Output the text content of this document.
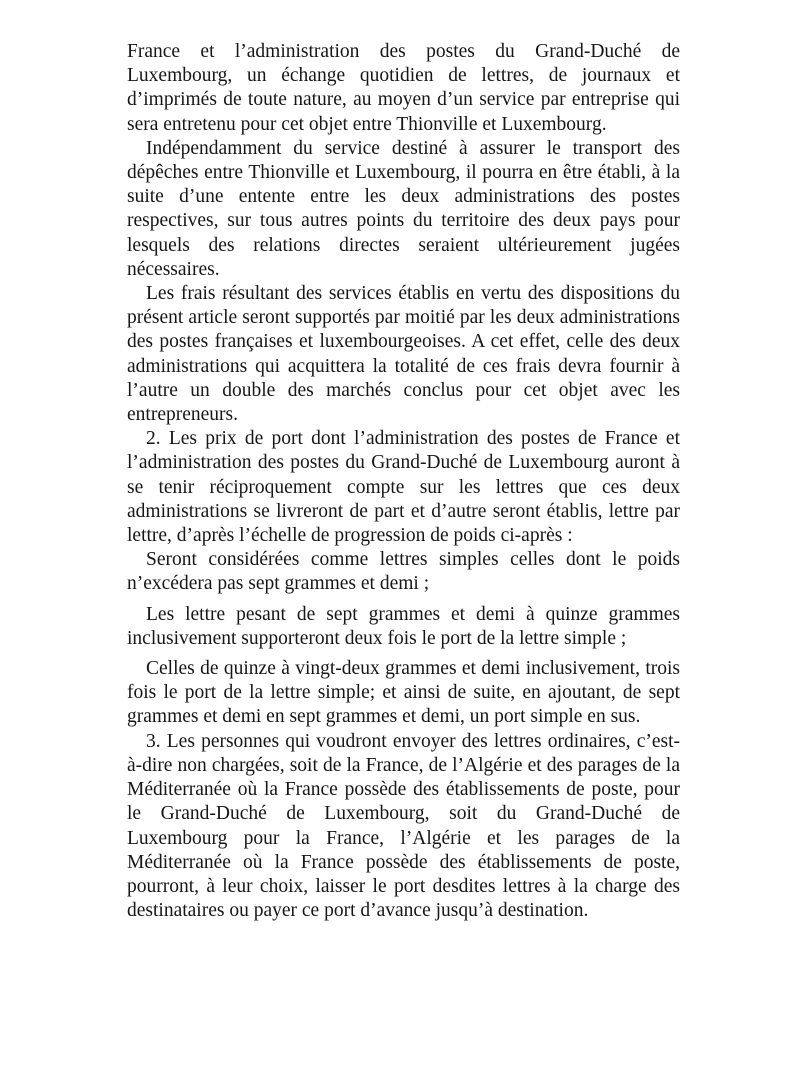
France et l’administration des postes du Grand-Duché de Luxembourg, un échange quotidien de lettres, de journaux et d’imprimés de toute nature, au moyen d’un service par entreprise qui sera entretenu pour cet objet entre Thionville et Luxembourg.

Indépendamment du service destiné à assurer le transport des dépêches entre Thionville et Luxembourg, il pourra en être établi, à la suite d’une entente entre les deux administrations des postes respectives, sur tous autres points du territoire des deux pays pour lesquels des relations directes seraient ultérieurement jugées nécessaires.

Les frais résultant des services établis en vertu des dispositions du présent article seront supportés par moitié par les deux administrations des postes françaises et luxembourgeoises. A cet effet, celle des deux administrations qui acquittera la totalité de ces frais devra fournir à l’autre un double des marchés conclus pour cet objet avec les entrepreneurs.

2. Les prix de port dont l’administration des postes de France et l’administration des postes du Grand-Duché de Luxembourg auront à se tenir réciproquement compte sur les lettres que ces deux administrations se livreront de part et d’autre seront établis, lettre par lettre, d’après l’échelle de progression de poids ci-après :

Seront considérées comme lettres simples celles dont le poids n’excédera pas sept grammes et demi ;

Les lettre pesant de sept grammes et demi à quinze grammes inclusivement supporteront deux fois le port de la lettre simple ;

Celles de quinze à vingt-deux grammes et demi inclusivement, trois fois le port de la lettre simple; et ainsi de suite, en ajoutant, de sept grammes et demi en sept grammes et demi, un port simple en sus.

3. Les personnes qui voudront envoyer des lettres ordinaires, c’est-à-dire non chargées, soit de la France, de l’Algérie et des parages de la Méditerranée où la France possède des établissements de poste, pour le Grand-Duché de Luxembourg, soit du Grand-Duché de Luxembourg pour la France, l’Algérie et les parages de la Méditerranée où la France possède des établissements de poste, pourront, à leur choix, laisser le port desdites lettres à la charge des destinataires ou payer ce port d’avance jusqu’à destination.
